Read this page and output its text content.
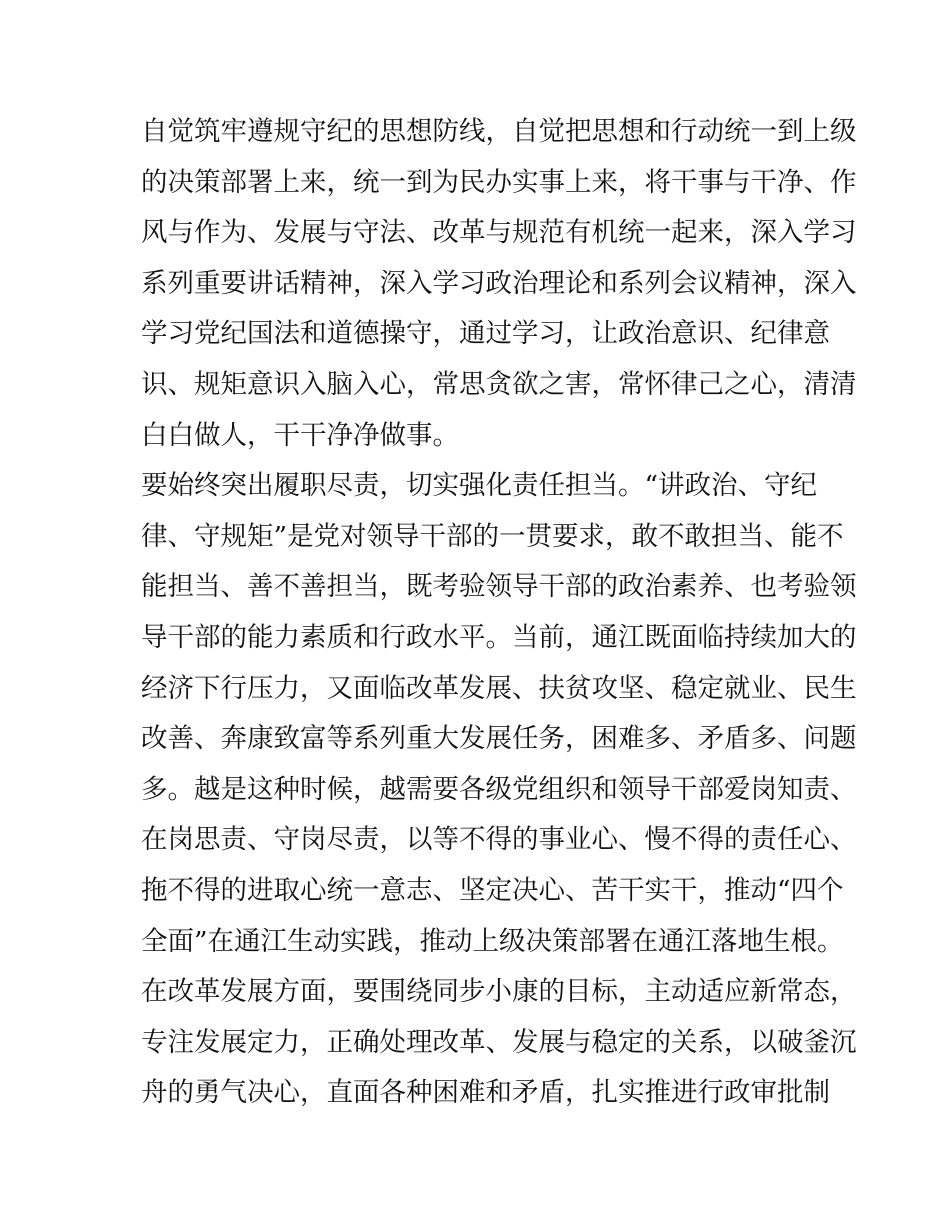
自觉筑牢遵规守纪的思想防线，自觉把思想和行动统一到上级
的决策部署上来，统一到为民办实事上来，将干事与干净、作
风与作为、发展与守法、改革与规范有机统一起来，深入学习
系列重要讲话精神，深入学习政治理论和系列会议精神，深入
学习党纪国法和道德操守，通过学习，让政治意识、纪律意
识、规矩意识入脑入心，常思贪欲之害，常怀律己之心，清清
白白做人，干干净净做事。
要始终突出履职尽责，切实强化责任担当。“讲政治、守纪
律、守规矩”是党对领导干部的一贯要求，敢不敢担当、能不
能担当、善不善担当，既考验领导干部的政治素养、也考验领
导干部的能力素质和行政水平。当前，通江既面临持续加大的
经济下行压力，又面临改革发展、扶贫攻坚、稳定就业、民生
改善、奔康致富等系列重大发展任务，困难多、矛盾多、问题
多。越是这种时候，越需要各级党组织和领导干部爱岗知责、
在岗思责、守岗尽责，以等不得的事业心、慢不得的责任心、
拖不得的进取心统一意志、坚定决心、苦干实干，推动“四个
全面”在通江生动实践，推动上级决策部署在通江落地生根。
在改革发展方面，要围绕同步小康的目标，主动适应新常态，
专注发展定力，正确处理改革、发展与稳定的关系，以破釜沉
舟的勇气决心，直面各种困难和矛盾，扎实推进行政审批制
